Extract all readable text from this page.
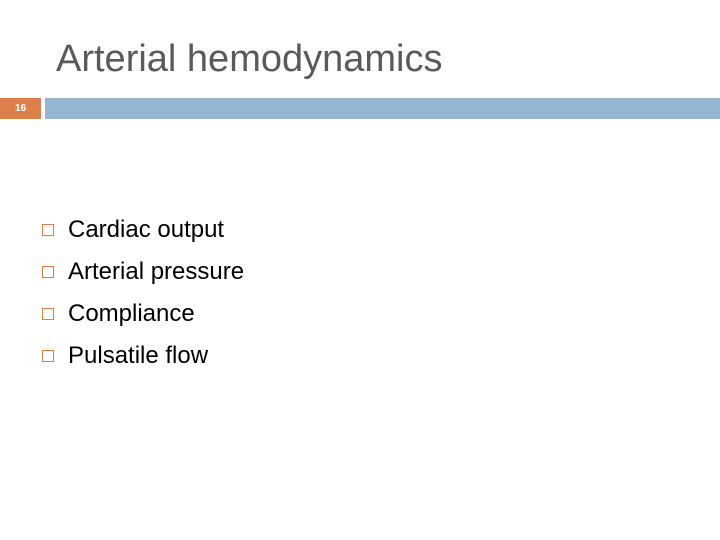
Arterial hemodynamics
16
Cardiac output
Arterial pressure
Compliance
Pulsatile flow
